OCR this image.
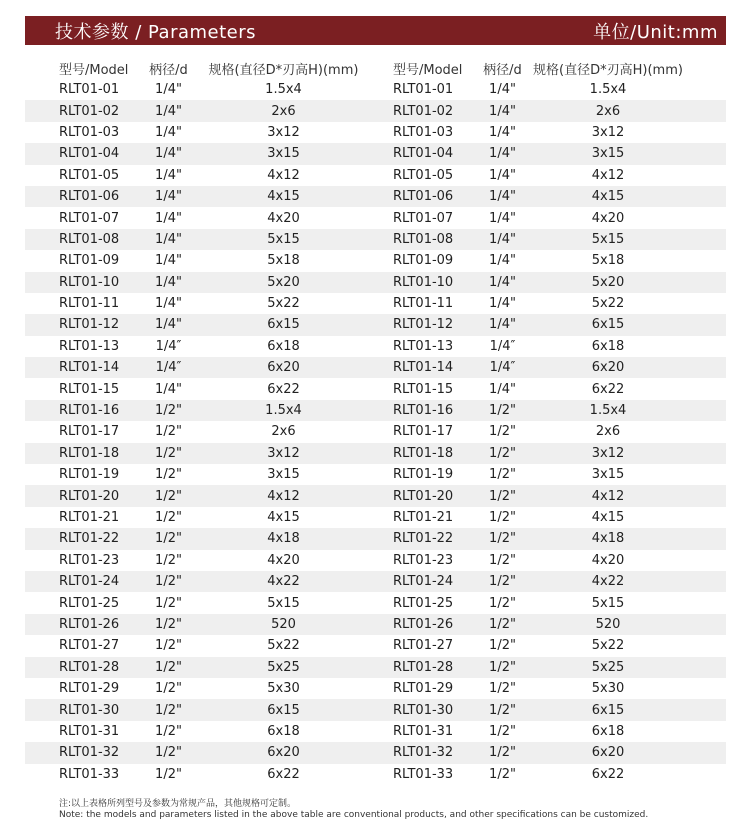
技术参数 / Parameters	单位/Unit:mm
型号/Model	柄径/d	规格(直径D*刃高H)(mm)	型号/Model	柄径/d 规格(直径D*刃高H)(mm)
RLT01-01	1/4"	1.5x4	RLT01-01	1/4"	1.5x4
RLT01-02	1/4"	2x6	RLT01-02	1/4"	2x6
RLT01-03	1/4"	3x12	RLT01-03	1/4"	3x12
RLT01-04	1/4"	3x15	RLT01-04	1/4"	3x15
RLT01-05	1/4"	4x12	RLT01-05	1/4"	4x12
RLT01-06	1/4"	4x15	RLT01-06	1/4"	4x15
RLT01-07	1/4"	4x20	RLT01-07	1/4"	4x20
RLT01-08	1/4"	5x15	RLT01-08	1/4"	5x15
RLT01-09	1/4"	5x18	RLT01-09	1/4"	5x18
RLT01-10	1/4"	5x20	RLT01-10	1/4"	5x20
RLT01-11	1/4"	5x22	RLT01-11	1/4"	5x22
RLT01-12	1/4"	6x15	RLT01-12	1/4"	6x15
RLT01-13	1/4″	6x18	RLT01-13	1/4″	6x18
RLT01-14	1/4″	6x20	RLT01-14	1/4″	6x20
RLT01-15	1/4"	6x22	RLT01-15	1/4"	6x22
RLT01-16	1/2"	1.5x4	RLT01-16	1/2"	1.5x4
RLT01-17	1/2"	2x6	RLT01-17	1/2"	2x6
RLT01-18	1/2"	3x12	RLT01-18	1/2"	3x12
RLT01-19	1/2"	3x15	RLT01-19	1/2"	3x15
RLT01-20	1/2"	4x12	RLT01-20	1/2"	4x12
RLT01-21	1/2"	4x15	RLT01-21	1/2"	4x15
RLT01-22	1/2"	4x18	RLT01-22	1/2"	4x18
RLT01-23	1/2"	4x20	RLT01-23	1/2"	4x20
RLT01-24	1/2"	4x22	RLT01-24	1/2"	4x22
RLT01-25	1/2"	5x15	RLT01-25	1/2"	5x15
RLT01-26	1/2"	520	RLT01-26	1/2"	520
RLT01-27	1/2"	5x22	RLT01-27	1/2"	5x22
RLT01-28	1/2"	5x25	RLT01-28	1/2"	5x25
RLT01-29	1/2"	5x30	RLT01-29	1/2"	5x30
RLT01-30	1/2"	6x15	RLT01-30	1/2"	6x15
RLT01-31	1/2"	6x18	RLT01-31	1/2"	6x18
RLT01-32	1/2"	6x20	RLT01-32	1/2"	6x20
RLT01-33	1/2"	6x22	RLT01-33	1/2"	6x22
注:以上表格所列型号及参数为常规产品，其他规格可定制。
Note: the models and parameters listed in the above table are conventional products, and other specifications can be customized.
